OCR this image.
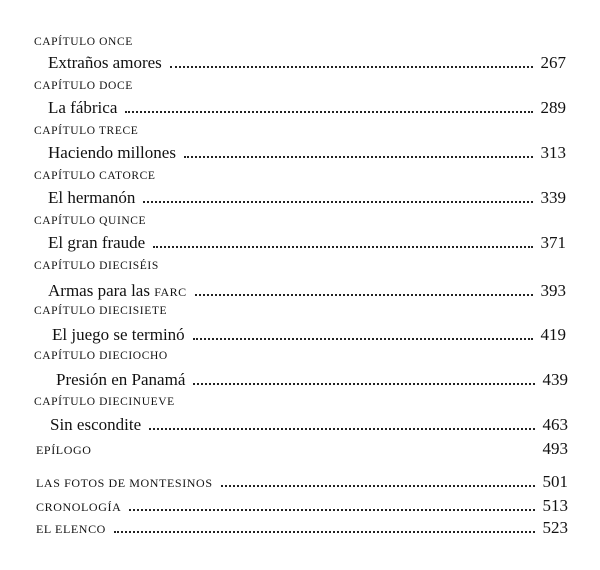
CAPÍTULO ONCE
Extraños amores	267
CAPÍTULO DOCE
La fábrica	289
CAPÍTULO TRECE
Haciendo millones	313
CAPÍTULO CATORCE
El hermanón	339
CAPÍTULO QUINCE
El gran fraude	371
CAPÍTULO DIECISÉIS
Armas para las FARC	393
CAPÍTULO DIECISIETE
El juego se terminó	419
CAPÍTULO DIECIOCHO
Presión en Panamá	439
CAPÍTULO DIECINUEVE
Sin escondite	463
EPÍLOGO	493
LAS FOTOS DE MONTESINOS	501
CRONOLOGÍA	513
EL ELENCO	523
